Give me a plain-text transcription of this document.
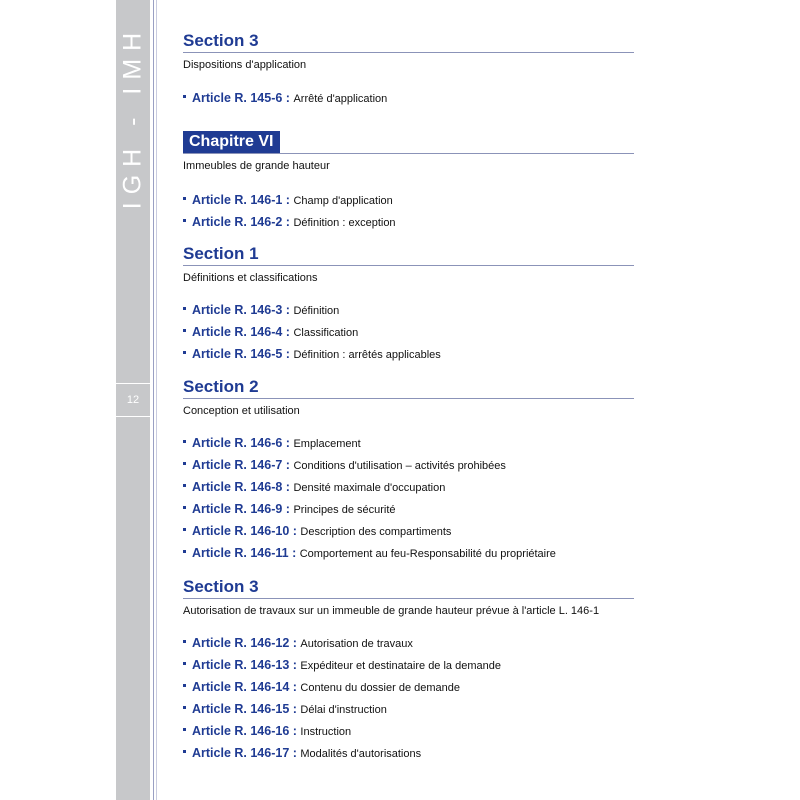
IGH - IMH
12
Section 3
Dispositions d'application
Article R. 145-6 : Arrêté d'application
Chapitre VI
Immeubles de grande hauteur
Article R. 146-1 : Champ d'application
Article R. 146-2 : Définition : exception
Section 1
Définitions et classifications
Article R. 146-3 : Définition
Article R. 146-4 : Classification
Article R. 146-5 : Définition : arrêtés applicables
Section 2
Conception et utilisation
Article R. 146-6 : Emplacement
Article R. 146-7 : Conditions d'utilisation – activités prohibées
Article R. 146-8 : Densité maximale d'occupation
Article R. 146-9 : Principes de sécurité
Article R. 146-10 : Description des compartiments
Article R. 146-11 : Comportement au feu-Responsabilité du propriétaire
Section 3
Autorisation de travaux sur un immeuble de grande hauteur prévue à l'article L. 146-1
Article R. 146-12 : Autorisation de travaux
Article R. 146-13 : Expéditeur et destinataire de la demande
Article R. 146-14 : Contenu du dossier de demande
Article R. 146-15 : Délai d'instruction
Article R. 146-16 : Instruction
Article R. 146-17 : Modalités d'autorisations
